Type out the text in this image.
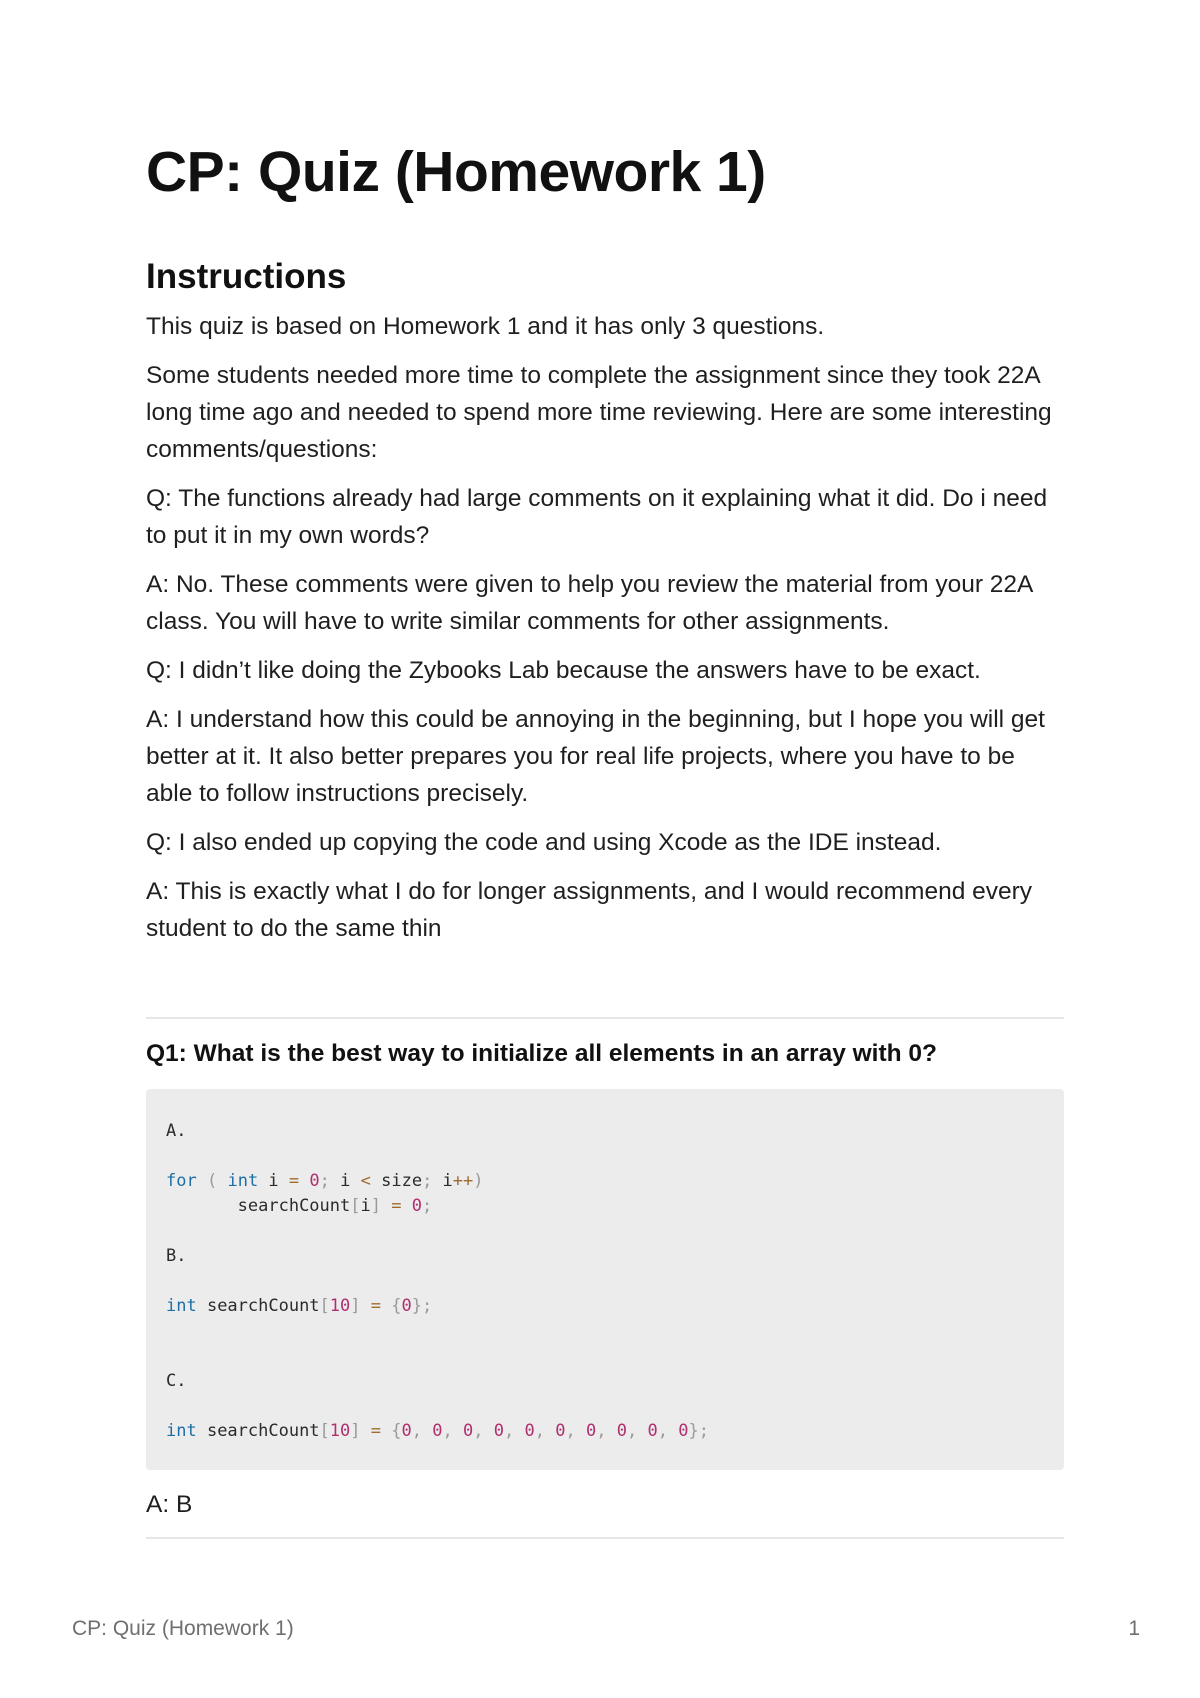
CP: Quiz (Homework 1)
Instructions

This quiz is based on Homework 1 and it has only 3 questions.

Some students needed more time to complete the assignment since they took 22A long time ago and needed to spend more time reviewing. Here are some interesting comments/questions:

Q: The functions already had large comments on it explaining what it did. Do i need to put it in my own words?

A: No. These comments were given to help you review the material from your 22A class. You will have to write similar comments for other assignments.

Q: I didn’t like doing the Zybooks Lab because the answers have to be exact.

A: I understand how this could be annoying in the beginning, but I hope you will get better at it. It also better prepares you for real life projects, where you have to be able to follow instructions precisely.

Q: I also ended up copying the code and using Xcode as the IDE instead.

A: This is exactly what I do for longer assignments, and I would recommend every student to do the same thin

Q1: What is the best way to initialize all elements in an array with 0?
A.

for ( int i = 0; i < size; i++)
searchCount[i] = 0;

B.

int searchCount[10] = {0};

C.

int searchCount[10] = {0, 0, 0, 0, 0, 0, 0, 0, 0, 0};
A: B
CP: Quiz (Homework 1)	1
